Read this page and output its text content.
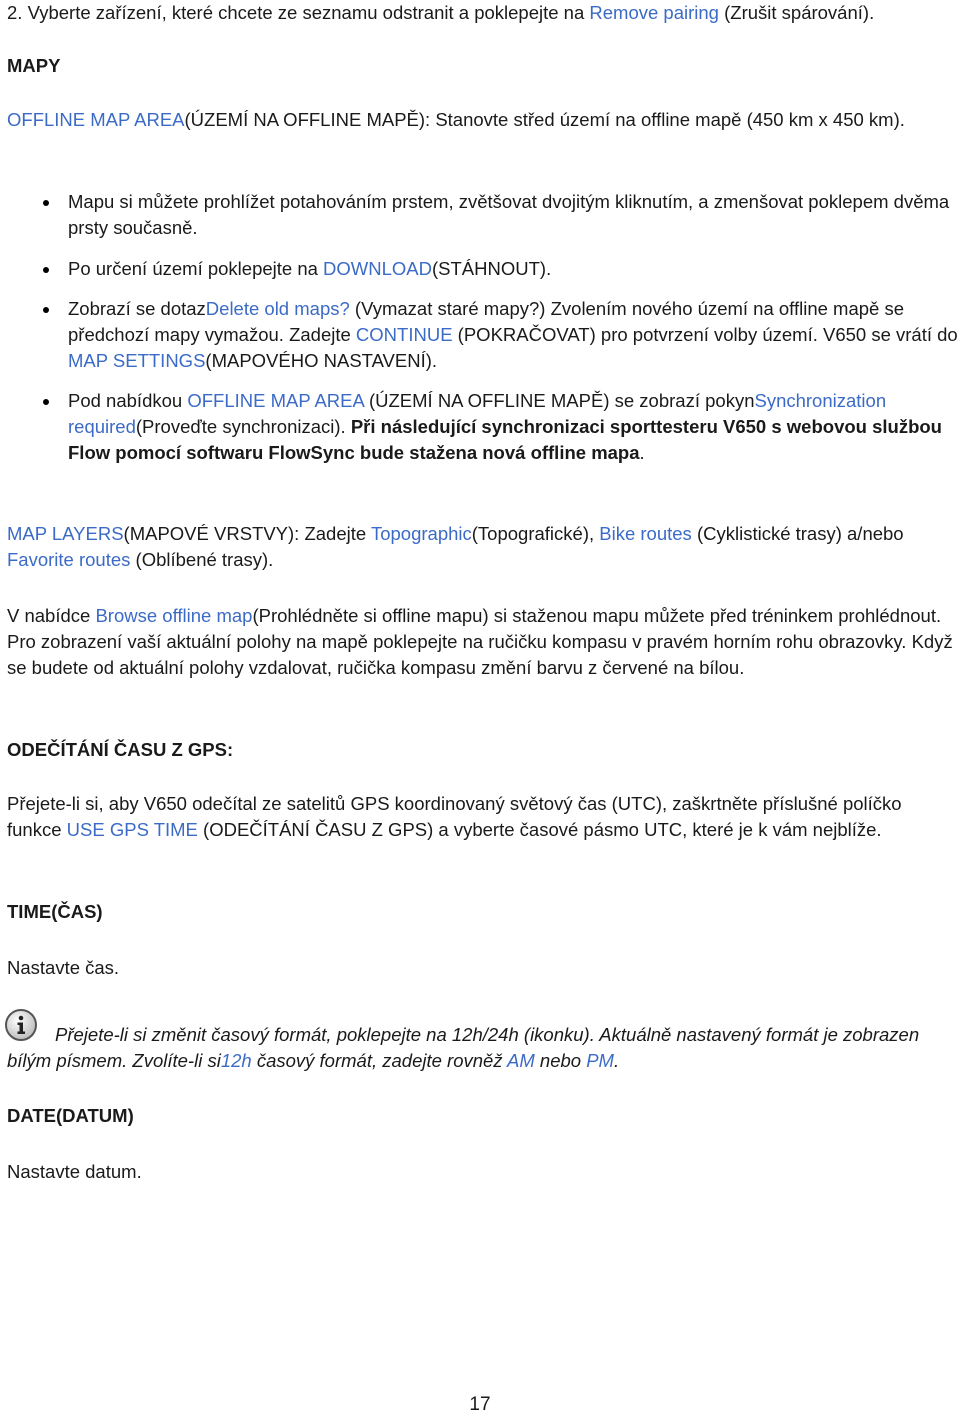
2. Vyberte zařízení, které chcete ze seznamu odstranit a poklepejte na Remove pairing (Zrušit spárování).

MAPY

OFFLINE MAP AREA(ÚZEMÍ NA OFFLINE MAPĚ): Stanovte střed území na offline mapě (450 km x 450 km).

Mapu si můžete prohlížet potahováním prstem, zvětšovat dvojitým kliknutím, a zmenšovat poklepem dvěma prsty současně.
Po určení území poklepejte na DOWNLOAD(STÁHNOUT).
Zobrazí se dotazDelete old maps? (Vymazat staré mapy?) Zvolením nového území na offline mapě se předchozí mapy vymažou. Zadejte CONTINUE (POKRAČOVAT) pro potvrzení volby území. V650 se vrátí do MAP SETTINGS(MAPOVÉHO NASTAVENÍ).
Pod nabídkou OFFLINE MAP AREA (ÚZEMÍ NA OFFLINE MAPĚ) se zobrazí pokynSynchronization required(Proveďte synchronizaci). Při následující synchronizaci sporttesteru V650 s webovou službou Flow pomocí softwaru FlowSync bude stažena nová offline mapa.

MAP LAYERS(MAPOVÉ VRSTVY): Zadejte Topographic(Topografické), Bike routes (Cyklistické trasy) a/nebo Favorite routes (Oblíbené trasy).

V nabídce Browse offline map(Prohlédněte si offline mapu) si staženou mapu můžete před tréninkem prohlédnout. Pro zobrazení vaší aktuální polohy na mapě poklepejte na ručičku kompasu v pravém horním rohu obrazovky. Když se budete od aktuální polohy vzdalovat, ručička kompasu změní barvu z červené na bílou.

ODEČÍTÁNÍ ČASU Z GPS:

Přejete-li si, aby V650 odečítal ze satelitů GPS koordinovaný světový čas (UTC), zaškrtněte příslušné políčko funkce USE GPS TIME (ODEČÍTÁNÍ ČASU Z GPS) a vyberte časové pásmo UTC, které je k vám nejblíže.

TIME(ČAS)

Nastavte čas.

Přejete-li si změnit časový formát, poklepejte na 12h/24h (ikonku). Aktuálně nastavený formát je zobrazen bílým písmem. Zvolíte-li si12h časový formát, zadejte rovněž AM nebo PM.

DATE(DATUM)

Nastavte datum.

17
